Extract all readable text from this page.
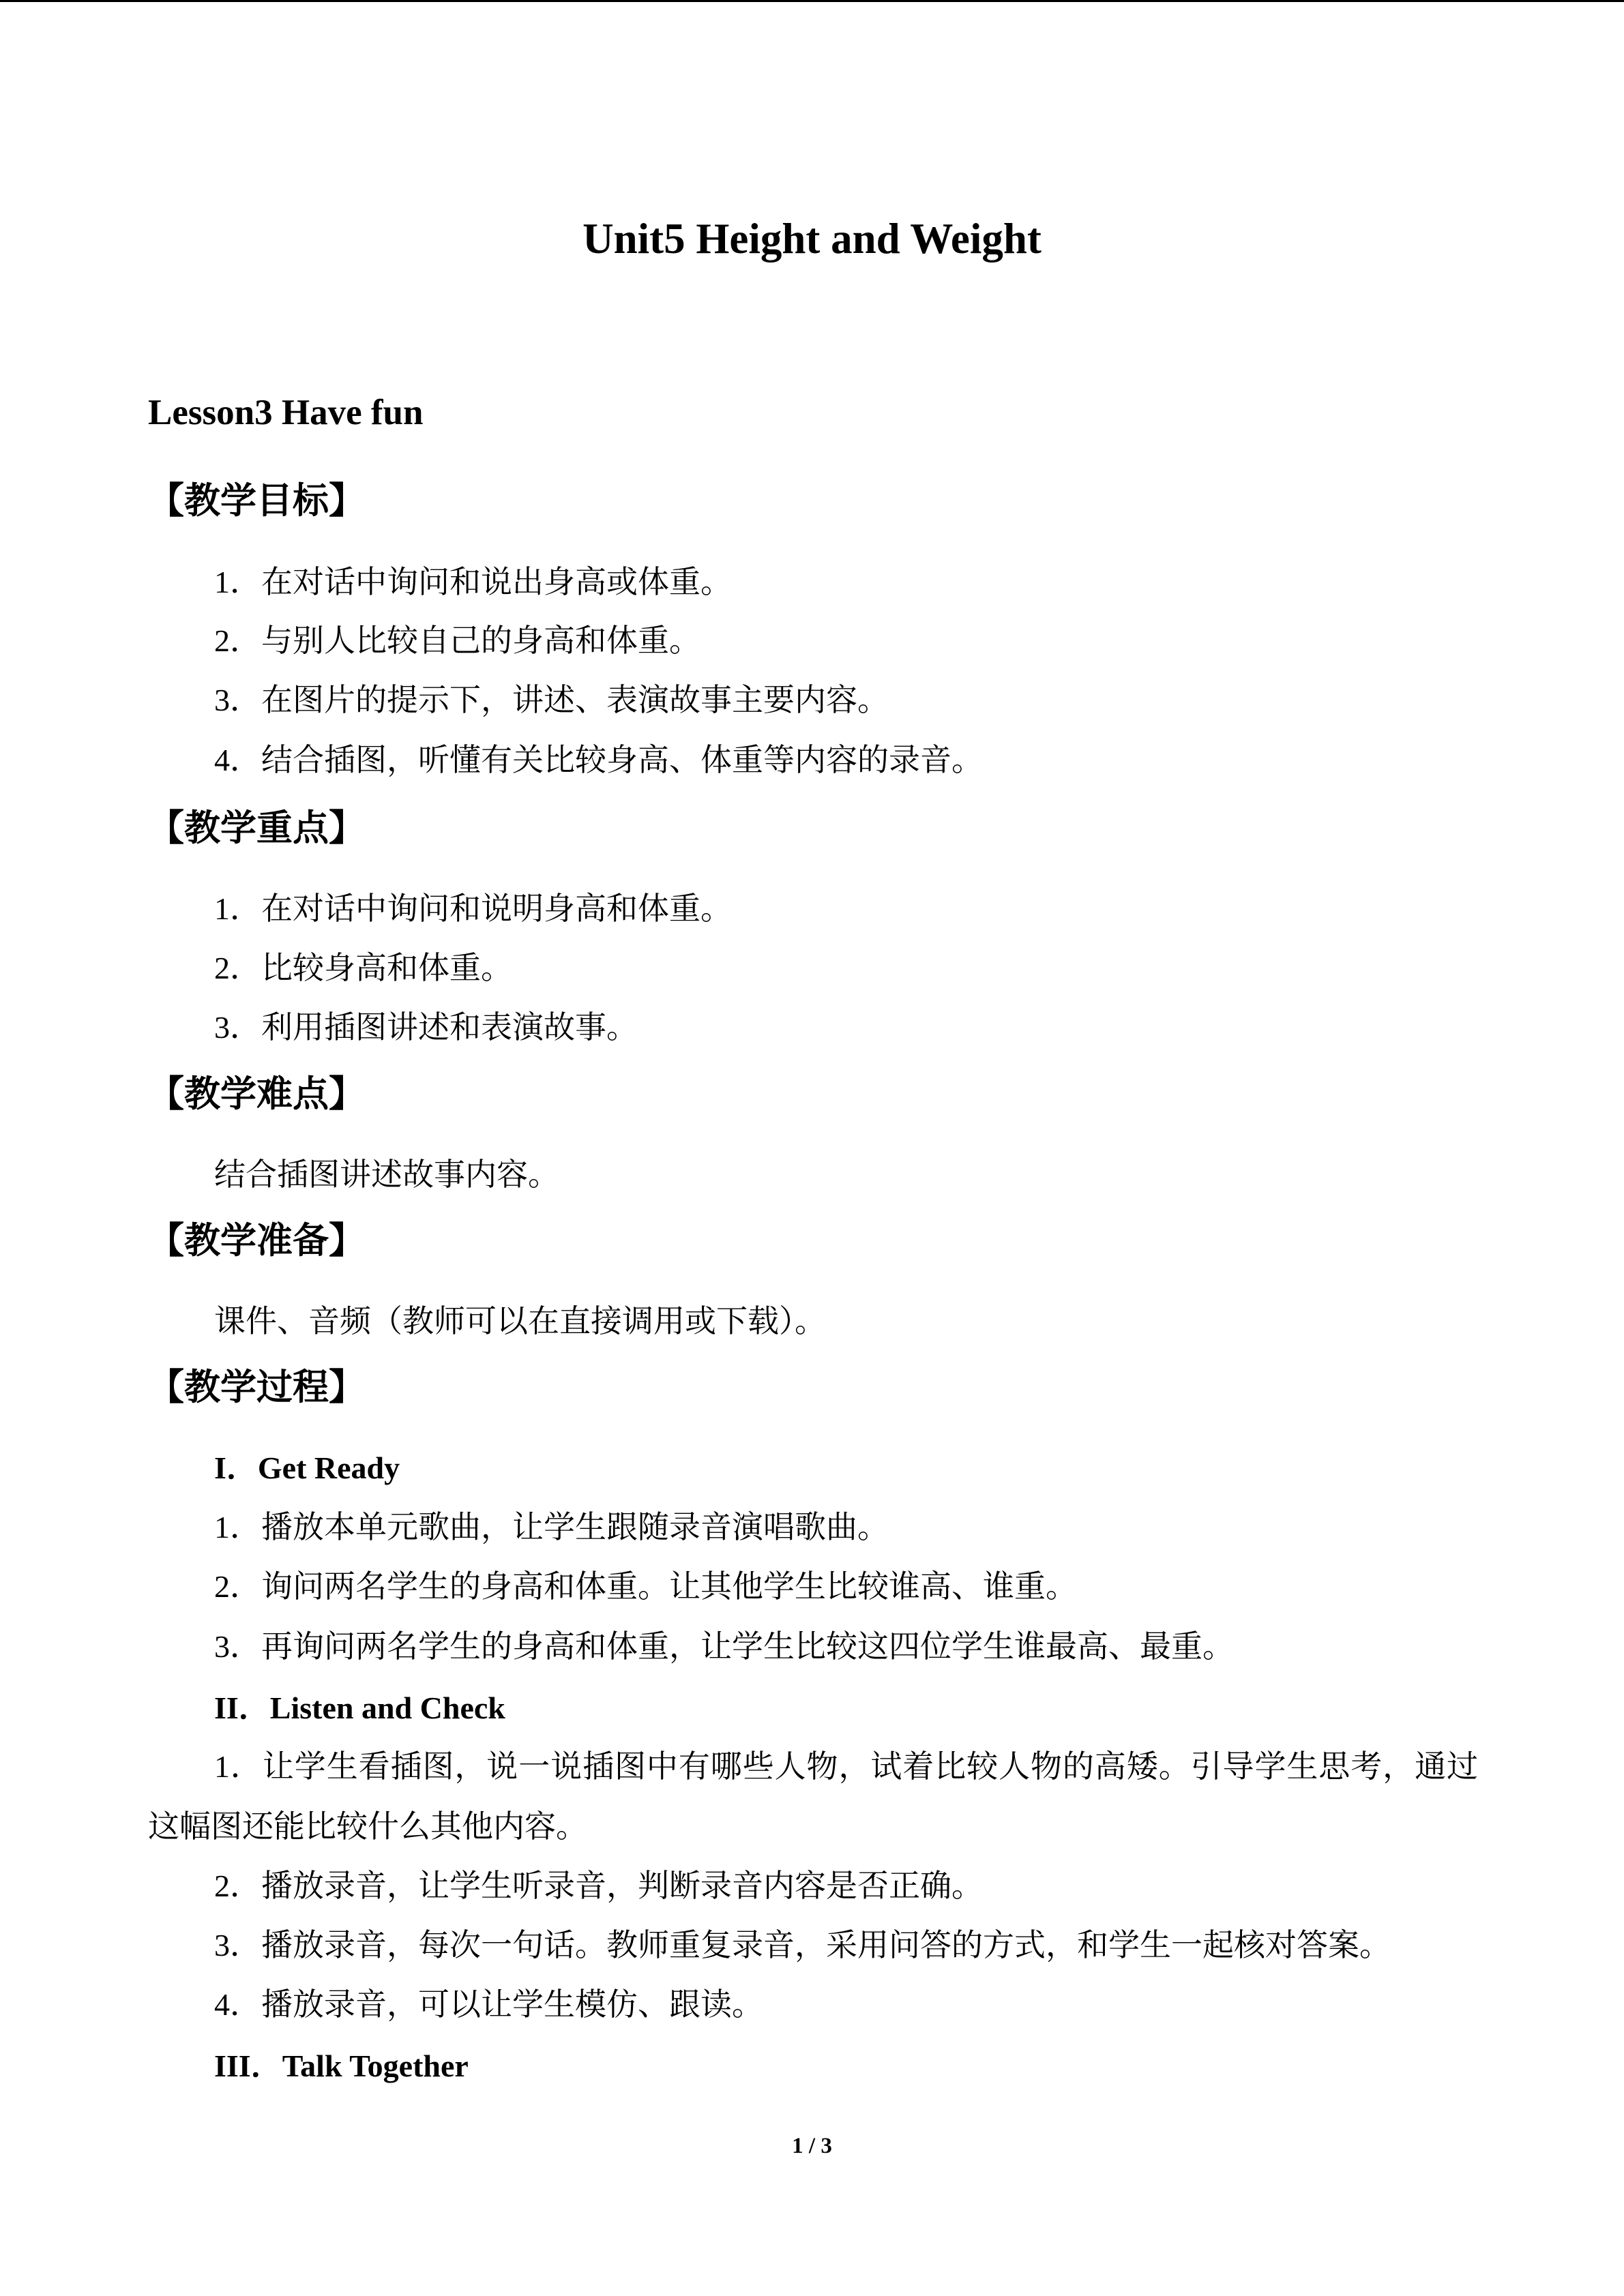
Unit5 Height and Weight
Lesson3 Have fun
【教学目标】
1．在对话中询问和说出身高或体重。
2．与别人比较自己的身高和体重。
3．在图片的提示下，讲述、表演故事主要内容。
4．结合插图，听懂有关比较身高、体重等内容的录音。
【教学重点】
1．在对话中询问和说明身高和体重。
2．比较身高和体重。
3．利用插图讲述和表演故事。
【教学难点】
结合插图讲述故事内容。
【教学准备】
课件、音频（教师可以在直接调用或下载）。
【教学过程】
I．Get Ready
1．播放本单元歌曲，让学生跟随录音演唱歌曲。
2．询问两名学生的身高和体重。让其他学生比较谁高、谁重。
3．再询问两名学生的身高和体重，让学生比较这四位学生谁最高、最重。
II．Listen and Check
1．让学生看插图，说一说插图中有哪些人物，试着比较人物的高矮。引导学生思考，通过这幅图还能比较什么其他内容。
2．播放录音，让学生听录音，判断录音内容是否正确。
3．播放录音，每次一句话。教师重复录音，采用问答的方式，和学生一起核对答案。
4．播放录音，可以让学生模仿、跟读。
III．Talk Together
1 / 3
